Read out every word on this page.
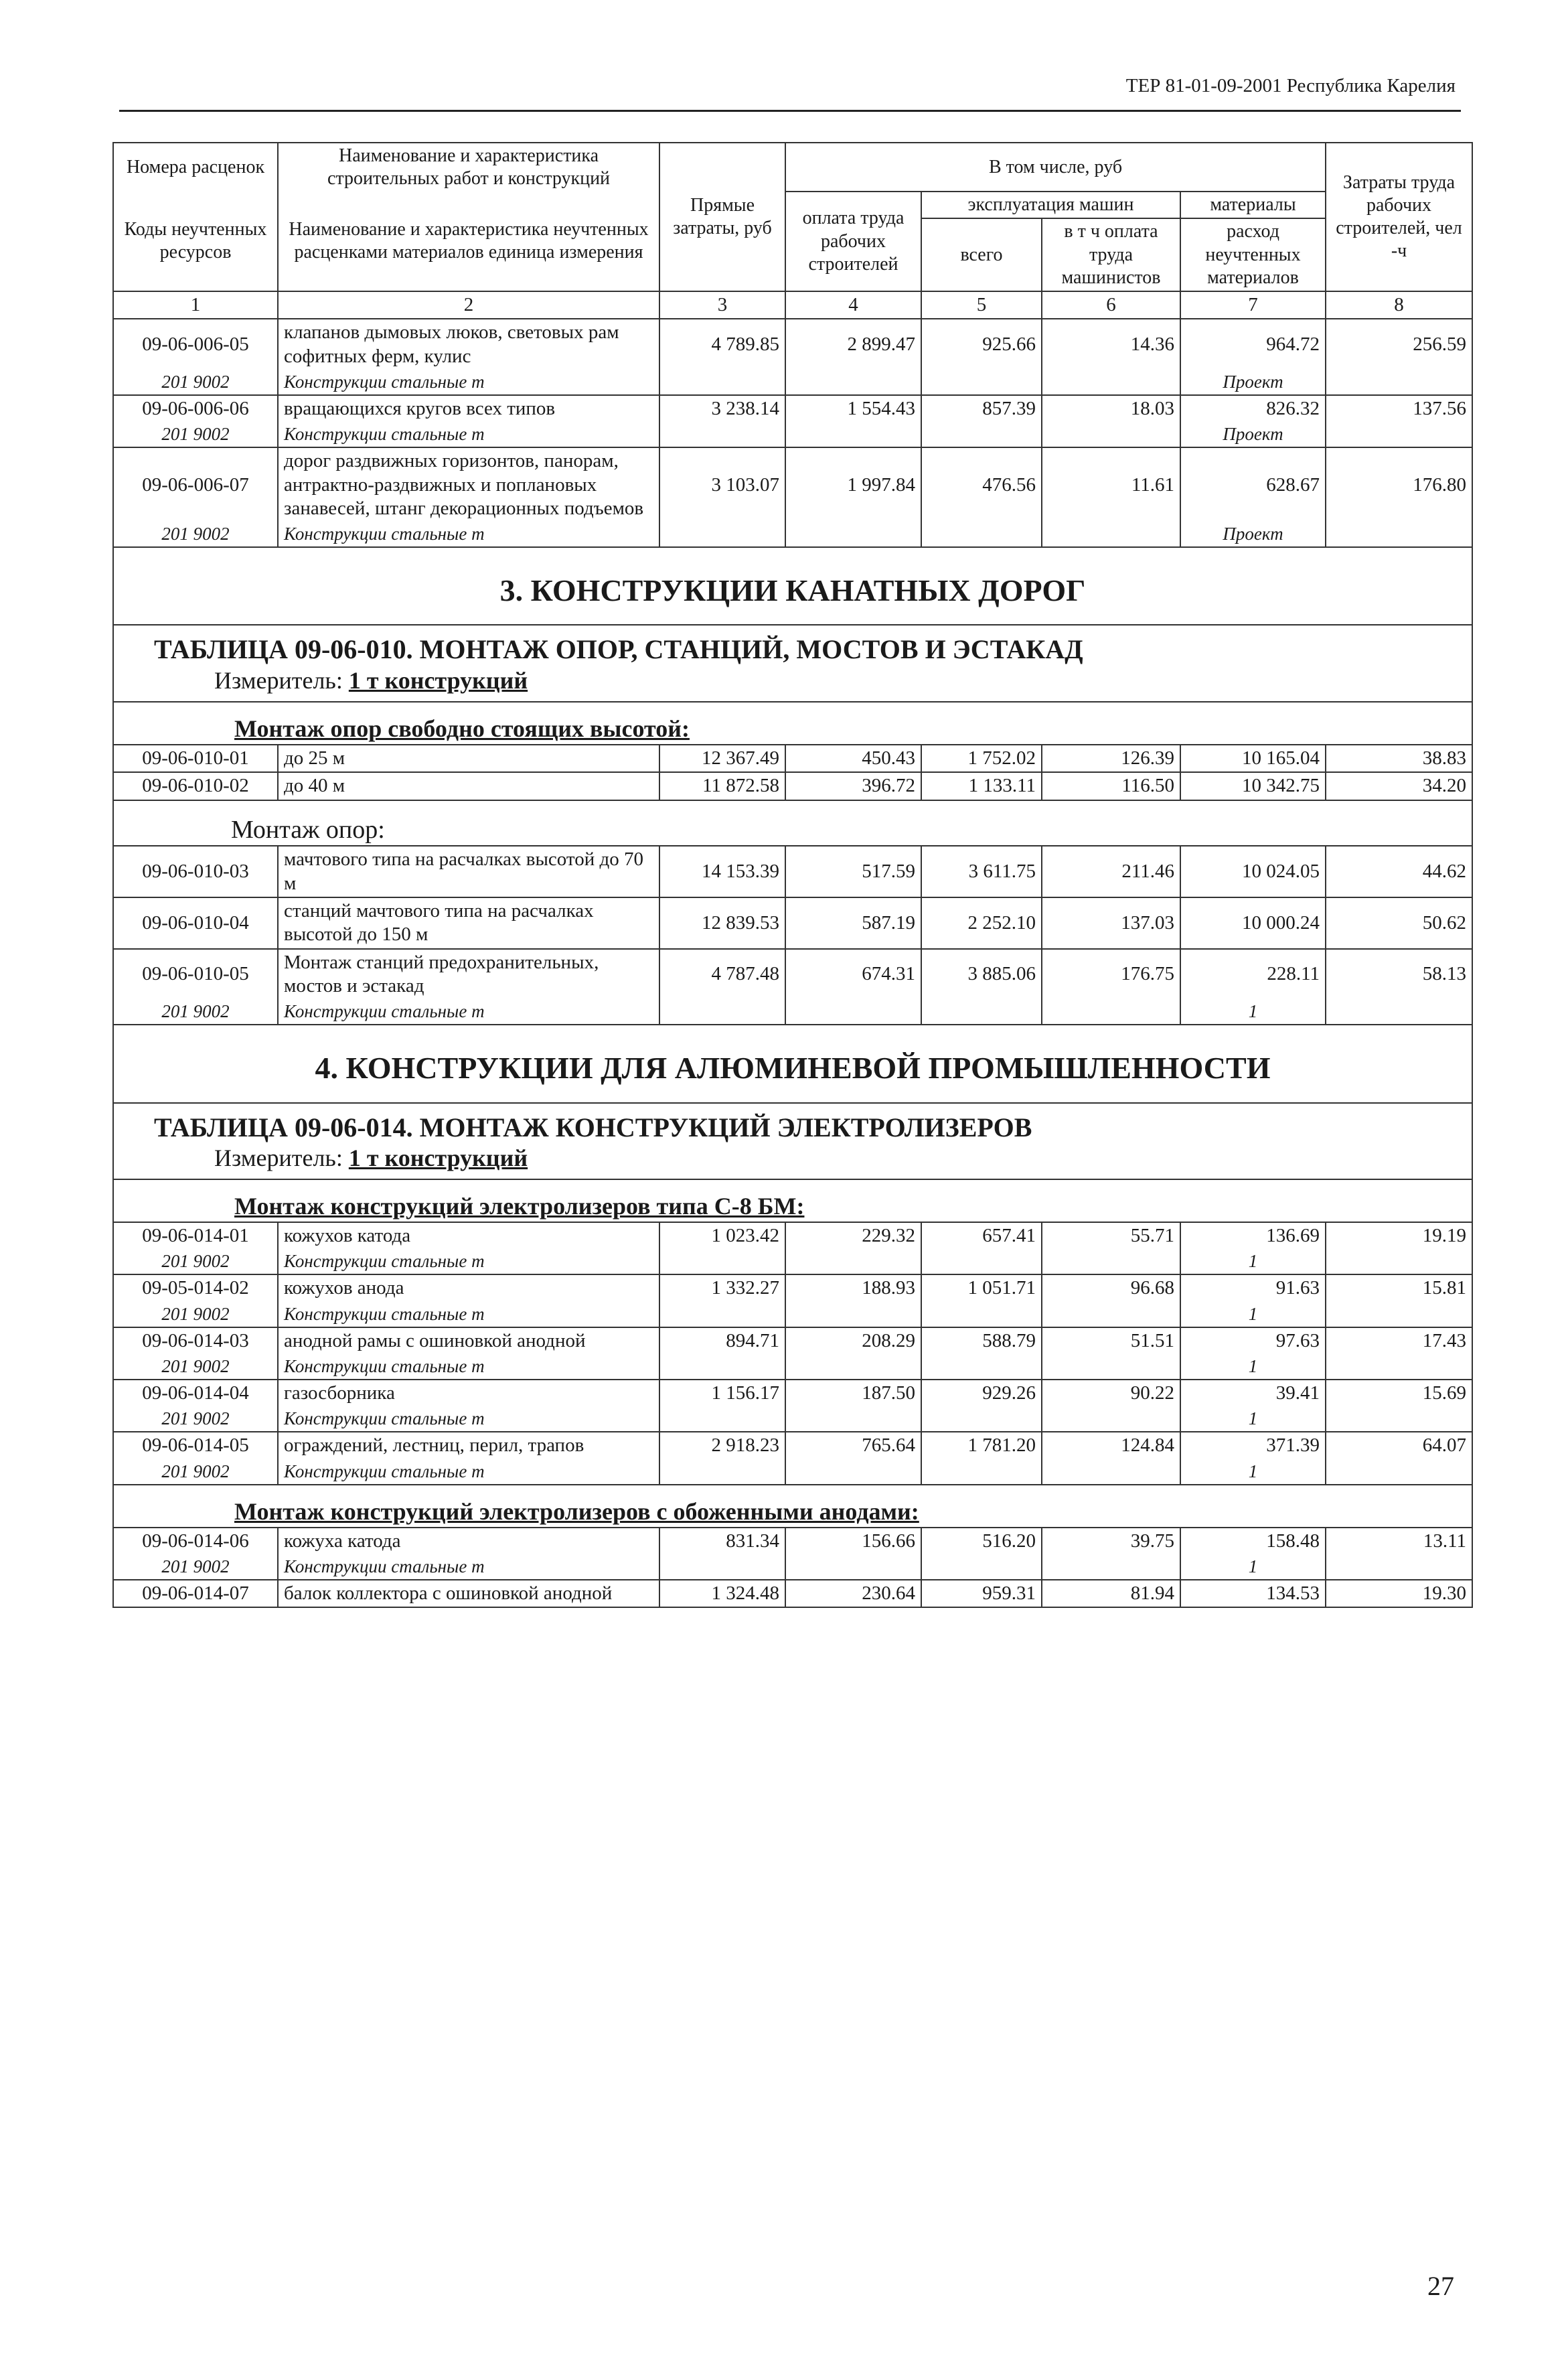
ТЕР 81-01-09-2001 Республика Карелия
Номера расценок	Наименование и характеристика строительных работ и конструкций	Прямые затраты, руб	В том числе, руб				Затраты труда рабочих строителей, чел -ч
Коды неучтенных ресурсов	Наименование и характеристика неучтенных расценками материалов единица измерения		оплата труда рабочих строителей	эксплуатация машин		материалы	
				всего	в т ч оплата труда машинистов	расход неучтенных материалов	

1	2	3	4	5	6	7	8
09-06-006-05	клапанов дымовых люков, световых рам софитных ферм, кулис	4 789.85	2 899.47	925.66	14.36	964.72	256.59
201 9002	Конструкции стальные т					Проект	
09-06-006-06	вращающихся кругов всех типов	3 238.14	1 554.43	857.39	18.03	826.32	137.56
201 9002	Конструкции стальные т					Проект	
09-06-006-07	дорог раздвижных горизонтов, панорам, антрактно-раздвижных и поплановых занавесей, штанг декорационных подъемов	3 103.07	1 997.84	476.56	11.61	628.67	176.80
201 9002	Конструкции стальные т					Проект	
3. КОНСТРУКЦИИ КАНАТНЫХ ДОРОГ							
ТАБЛИЦА 09-06-010. МОНТАЖ ОПОР, СТАНЦИЙ, МОСТОВ И ЭСТАКАД							
Измеритель: 1 т конструкций							
Монтаж опор свободно стоящих высотой:							
09-06-010-01	до 25 м	12 367.49	450.43	1 752.02	126.39	10 165.04	38.83
09-06-010-02	до 40 м	11 872.58	396.72	1 133.11	116.50	10 342.75	34.20
Монтаж опор:							
09-06-010-03	мачтового типа на расчалках высотой до 70 м	14 153.39	517.59	3 611.75	211.46	10 024.05	44.62
09-06-010-04	станций мачтового типа на расчалках высотой до 150 м	12 839.53	587.19	2 252.10	137.03	10 000.24	50.62
09-06-010-05	Монтаж станций предохранительных, мостов и эстакад	4 787.48	674.31	3 885.06	176.75	228.11	58.13
201 9002	Конструкции стальные т					1	
4. КОНСТРУКЦИИ ДЛЯ АЛЮМИНЕВОЙ ПРОМЫШЛЕННОСТИ							
ТАБЛИЦА 09-06-014. МОНТАЖ КОНСТРУКЦИЙ ЭЛЕКТРОЛИЗЕРОВ							
Измеритель: 1 т конструкций							
Монтаж конструкций электролизеров типа С-8 БМ:							
09-06-014-01	кожухов катода	1 023.42	229.32	657.41	55.71	136.69	19.19
201 9002	Конструкции стальные т					1	
09-05-014-02	кожухов анода	1 332.27	188.93	1 051.71	96.68	91.63	15.81
201 9002	Конструкции стальные т					1	
09-06-014-03	анодной рамы с ошиновкой анодной	894.71	208.29	588.79	51.51	97.63	17.43
201 9002	Конструкции стальные т					1	
09-06-014-04	газосборника	1 156.17	187.50	929.26	90.22	39.41	15.69
201 9002	Конструкции стальные т					1	
09-06-014-05	ограждений, лестниц, перил, трапов	2 918.23	765.64	1 781.20	124.84	371.39	64.07
201 9002	Конструкции стальные т					1	
Монтаж конструкций электролизеров с обоженными анодами:							
09-06-014-06	кожуха катода	831.34	156.66	516.20	39.75	158.48	13.11
201 9002	Конструкции стальные т					1	
09-06-014-07	балок коллектора с ошиновкой анодной	1 324.48	230.64	959.31	81.94	134.53	19.30
27
